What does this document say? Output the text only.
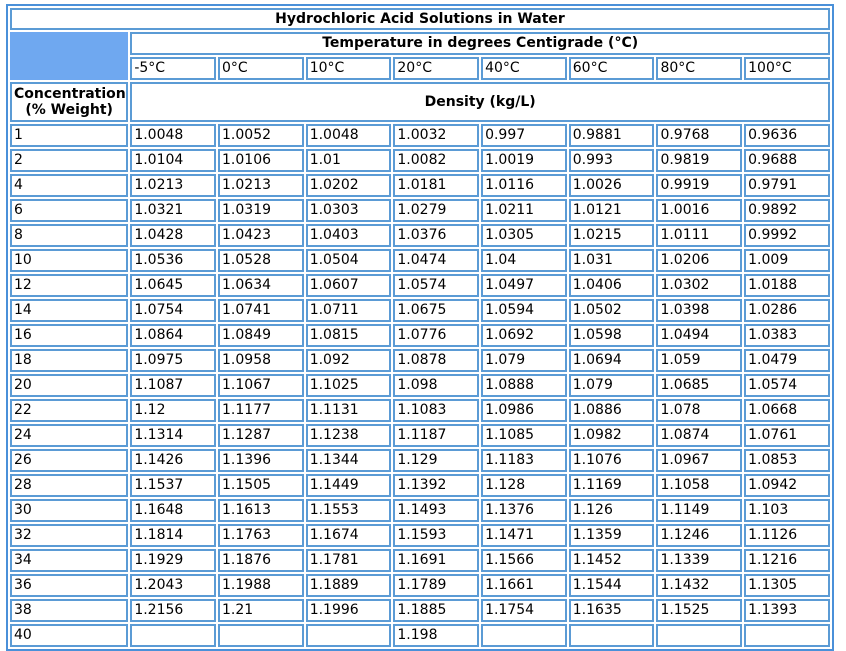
Hydrochloric Acid Solutions in Water								
	Temperature in degrees Centigrade (°C)							
	-5°C	0°C	10°C	20°C	40°C	60°C	80°C	100°C
Concentration (% Weight)	Density (kg/L)							
1	1.0048	1.0052	1.0048	1.0032	0.997	0.9881	0.9768	0.9636
2	1.0104	1.0106	1.01	1.0082	1.0019	0.993	0.9819	0.9688
4	1.0213	1.0213	1.0202	1.0181	1.0116	1.0026	0.9919	0.9791
6	1.0321	1.0319	1.0303	1.0279	1.0211	1.0121	1.0016	0.9892
8	1.0428	1.0423	1.0403	1.0376	1.0305	1.0215	1.0111	0.9992
10	1.0536	1.0528	1.0504	1.0474	1.04	1.031	1.0206	1.009
12	1.0645	1.0634	1.0607	1.0574	1.0497	1.0406	1.0302	1.0188
14	1.0754	1.0741	1.0711	1.0675	1.0594	1.0502	1.0398	1.0286
16	1.0864	1.0849	1.0815	1.0776	1.0692	1.0598	1.0494	1.0383
18	1.0975	1.0958	1.092	1.0878	1.079	1.0694	1.059	1.0479
20	1.1087	1.1067	1.1025	1.098	1.0888	1.079	1.0685	1.0574
22	1.12	1.1177	1.1131	1.1083	1.0986	1.0886	1.078	1.0668
24	1.1314	1.1287	1.1238	1.1187	1.1085	1.0982	1.0874	1.0761
26	1.1426	1.1396	1.1344	1.129	1.1183	1.1076	1.0967	1.0853
28	1.1537	1.1505	1.1449	1.1392	1.128	1.1169	1.1058	1.0942
30	1.1648	1.1613	1.1553	1.1493	1.1376	1.126	1.1149	1.103
32	1.1814	1.1763	1.1674	1.1593	1.1471	1.1359	1.1246	1.1126
34	1.1929	1.1876	1.1781	1.1691	1.1566	1.1452	1.1339	1.1216
36	1.2043	1.1988	1.1889	1.1789	1.1661	1.1544	1.1432	1.1305
38	1.2156	1.21	1.1996	1.1885	1.1754	1.1635	1.1525	1.1393
40				1.198				
